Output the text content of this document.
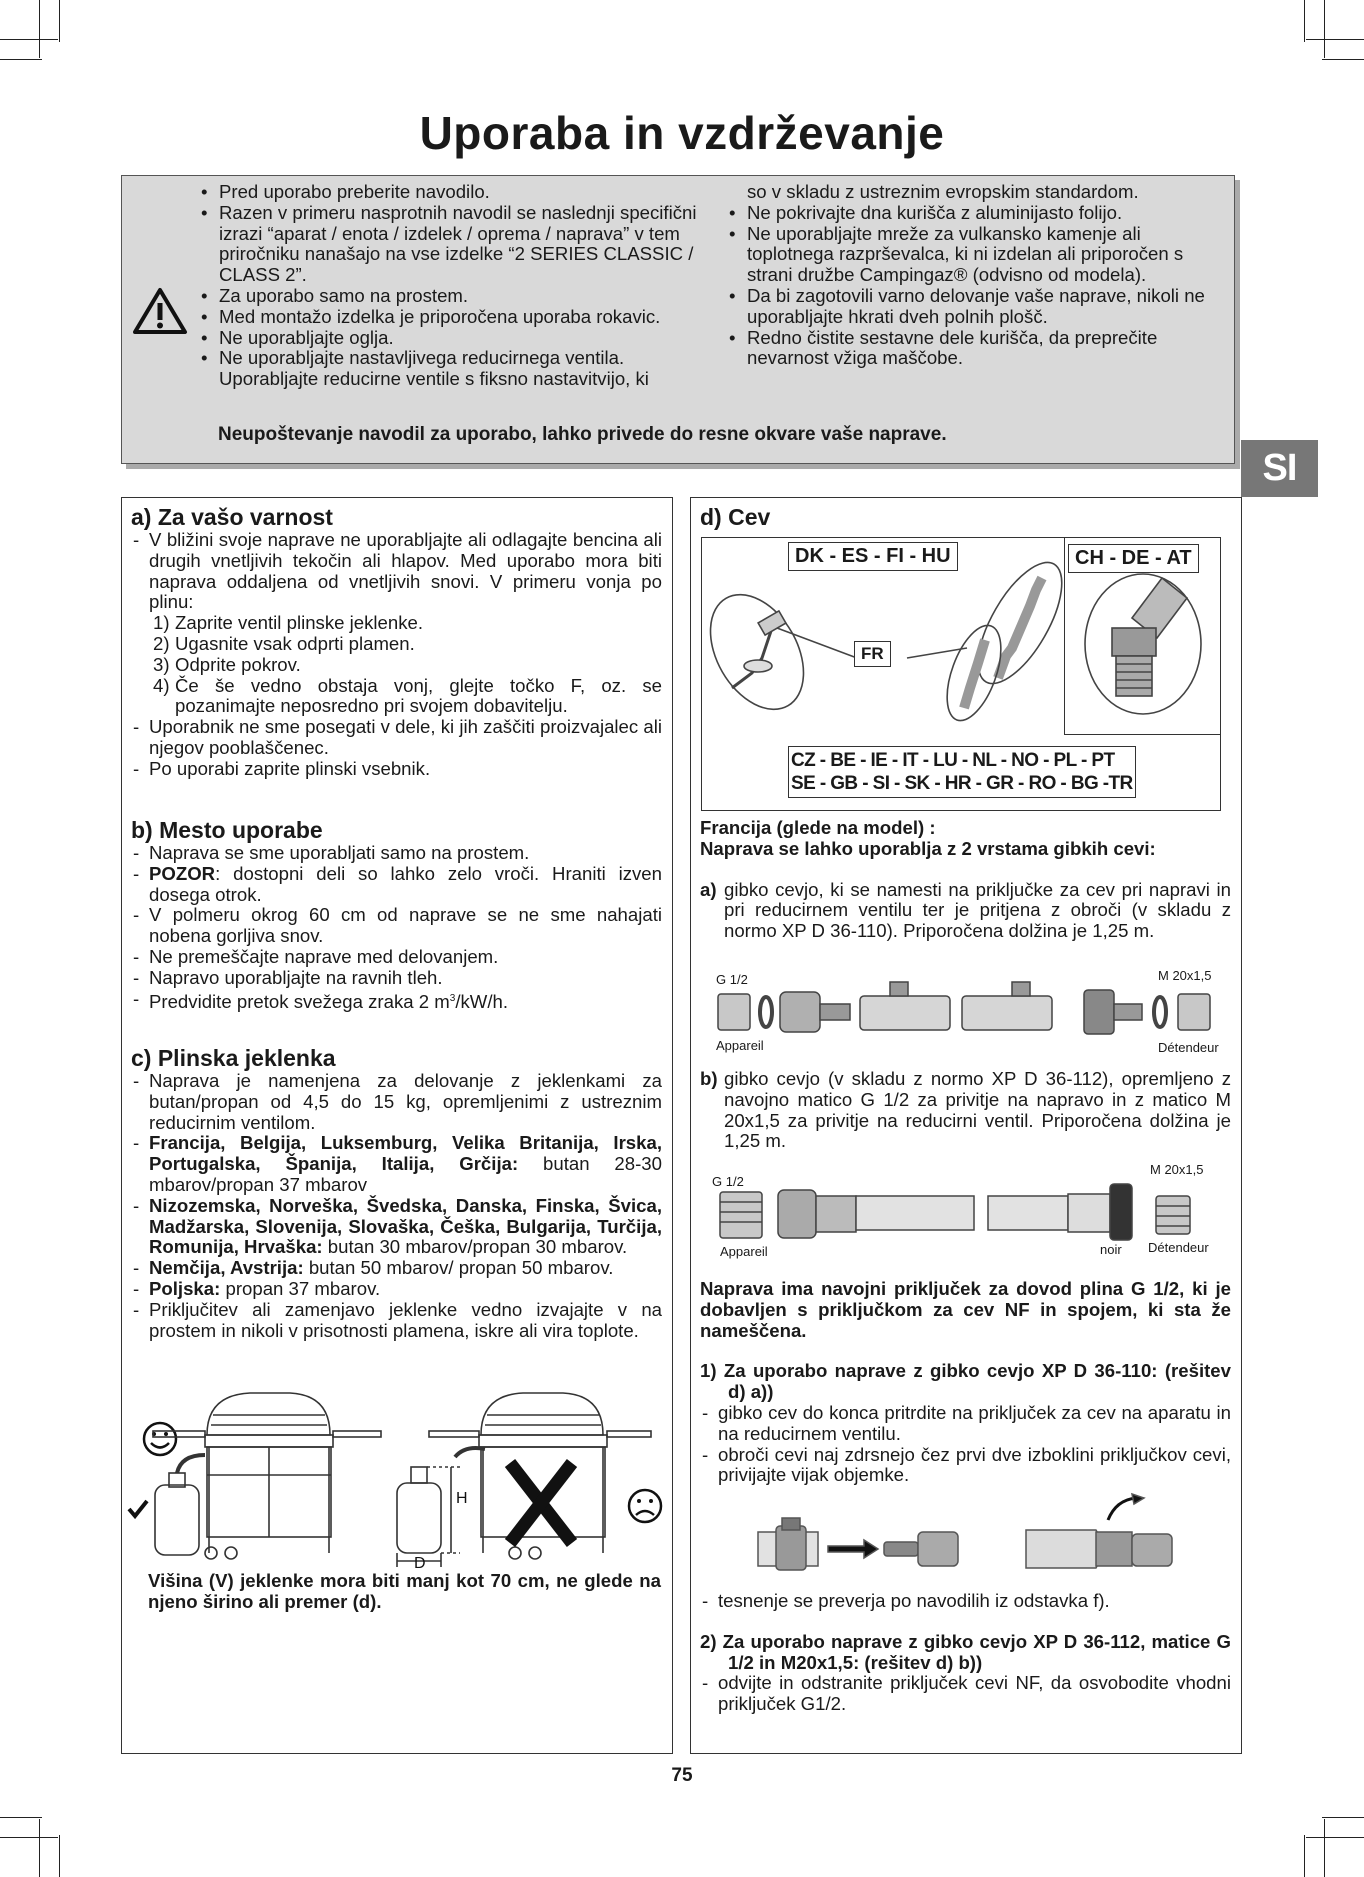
Uporaba in vzdrževanje
• Pred uporabo preberite navodilo.
• Razen v primeru nasprotnih navodil se naslednji specifični izrazi “aparat / enota / izdelek / oprema / naprava” v tem priročniku nanašajo na vse izdelke “2 SERIES CLASSIC / CLASS 2”.
• Za uporabo samo na prostem.
• Med montažo izdelka je priporočena uporaba rokavic.
• Ne uporabljajte oglja.
• Ne uporabljajte nastavljivega reducirnega ventila. Uporabljajte reducirne ventile s fiksno nastavitvijo, ki
so v skladu z ustreznim evropskim standardom.
• Ne pokrivajte dna kurišča z aluminijasto folijo.
• Ne uporabljajte mreže za vulkansko kamenje ali toplotnega razprševalca, ki ni izdelan ali priporočen s strani družbe Campingaz® (odvisno od modela).
• Da bi zagotovili varno delovanje vaše naprave, nikoli ne uporabljajte hkrati dveh polnih plošč.
• Redno čistite sestavne dele kurišča, da preprečite nevarnost vžiga maščobe.
Neupoštevanje navodil za uporabo, lahko privede do resne okvare vaše naprave.
SI
a) Za vašo varnost
- V bližini svoje naprave ne uporabljajte ali odlagajte bencina ali drugih vnetljivih tekočin ali hlapov. Med uporabo mora biti naprava oddaljena od vnetljivih snovi. V primeru vonja po plinu:
1) Zaprite ventil plinske jeklenke.
2) Ugasnite vsak odprti plamen.
3) Odprite pokrov.
4) Če še vedno obstaja vonj, glejte točko F, oz. se pozanimajte neposredno pri svojem dobavitelju.
- Uporabnik ne sme posegati v dele, ki jih zaščiti proizvajalec ali njegov pooblaščenec.
- Po uporabi zaprite plinski vsebnik.
b) Mesto uporabe
- Naprava se sme uporabljati samo na prostem.
- POZOR: dostopni deli so lahko zelo vroči. Hraniti izven dosega otrok.
- V polmeru okrog 60 cm od naprave se ne sme nahajati nobena gorljiva snov.
- Ne premeščajte naprave med delovanjem.
- Napravo uporabljajte na ravnih tleh.
- Predvidite pretok svežega zraka 2 $m^3/kW/h$.
c) Plinska jeklenka
- Naprava je namenjena za delovanje z jeklenkami za butan/propan od 4,5 do 15 kg, opremljenimi z ustreznim reducirnim ventilom.
- Francija, Belgija, Luksemburg, Velika Britanija, Irska, Portugalska, Španija, Italija, Grčija: butan 28-30 mbarov/propan 37 mbarov
- Nizozemska, Norveška, Švedska, Danska, Finska, Švica, Madžarska, Slovenija, Slovaška, Češka, Bulgarija, Turčija, Romunija, Hrvaška: butan 30 mbarov/propan 30 mbarov.
- Nemčija, Avstrija: butan 50 mbarov/ propan 50 mbarov.
- Poljska: propan 37 mbarov.
- Priključitev ali zamenjavo jeklenke vedno izvajajte v na prostem in nikoli v prisotnosti plamena, iskre ali vira toplote.
H
D
Višina (V) jeklenke mora biti manj kot 70 cm, ne glede na njeno širino ali premer (d).
d) Cev
DK - ES - FI - HU	CH - DE - AT
FR
CZ - BE - IE - IT - LU - NL - NO - PL - PT
SE - GB - SI - SK - HR - GR - RO - BG -TR
Francija (glede na model) :
Naprava se lahko uporablja z 2 vrstama gibkih cevi:
a) gibko cevjo, ki se namesti na priključke za cev pri napravi in pri reducirnem ventilu ter je pritjena z obroči (v skladu z normo XP D 36-110). Priporočena dolžina je 1,25 m.
G 1/2	M 20x1,5
Appareil	Détendeur
b) gibko cevjo (v skladu z normo XP D 36-112), opremljeno z navojno matico G 1/2 za privitje na napravo in z matico M 20x1,5 za privitje na reducirni ventil. Priporočena dolžina je 1,25 m.
G 1/2
M 20x1,5
Appareil	noir Détendeur
Naprava ima navojni priključek za dovod plina G 1/2, ki je dobavljen s priključkom za cev NF in spojem, ki sta že nameščena.
1) Za uporabo naprave z gibko cevjo XP D 36-110: (rešitev d) a))
- gibko cev do konca pritrdite na priključek za cev na aparatu in na reducirnem ventilu.
- obroči cevi naj zdrsnejo čez prvi dve izboklini priključkov cevi, privijajte vijak objemke.
- tesnenje se preverja po navodilih iz odstavka f).
2) Za uporabo naprave z gibko cevjo XP D 36-112, matice G 1/2 in M20x1,5: (rešitev d) b))
- odvijte in odstranite priključek cevi NF, da osvobodite vhodni priključek G1/2.
75
